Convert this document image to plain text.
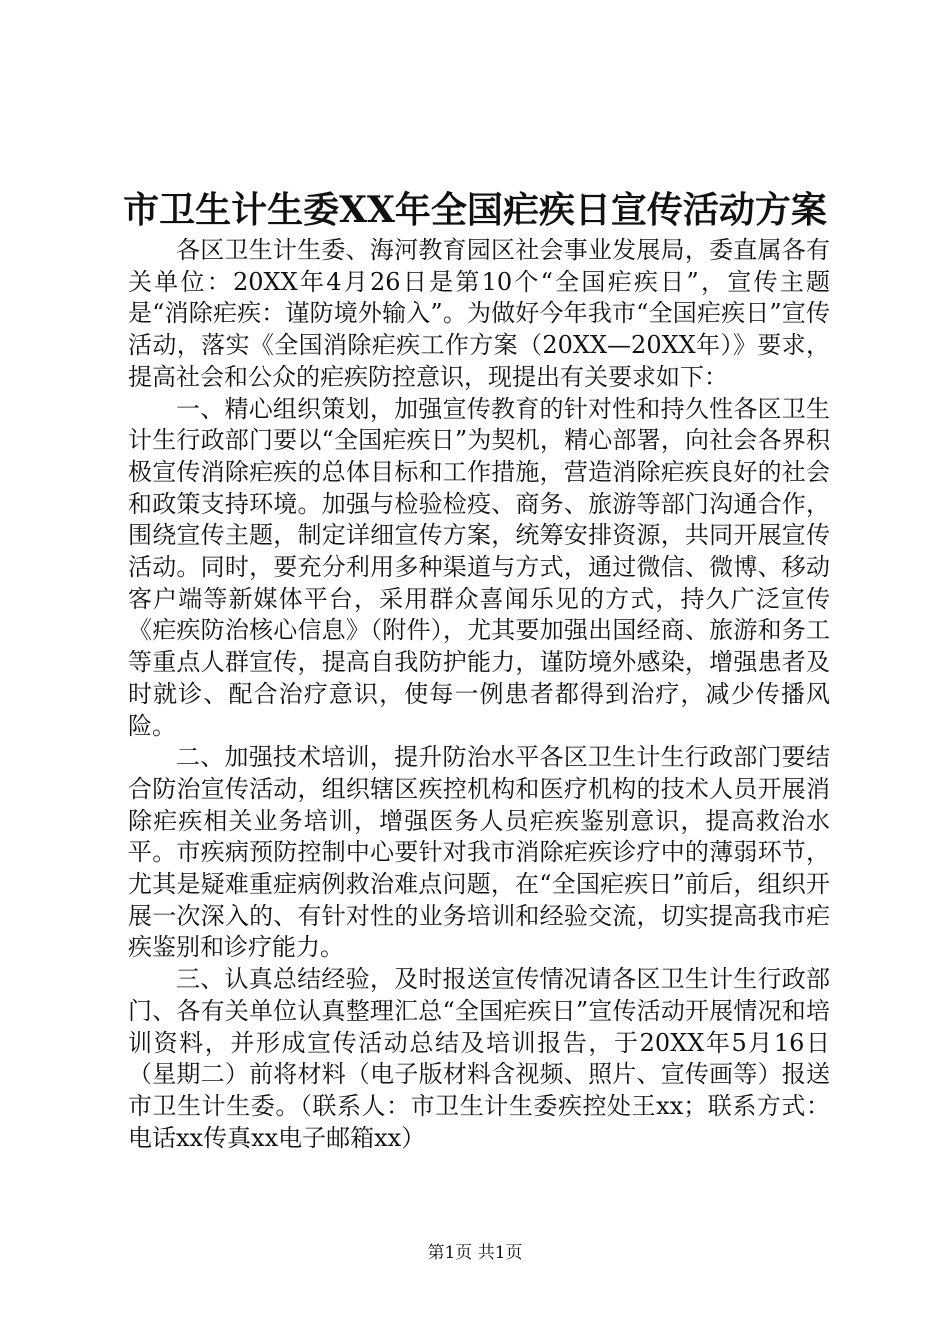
市卫生计生委XX年全国疟疾日宣传活动方案

各区卫生计生委、海河教育园区社会事业发展局，委直属各有关单位：20XX年4月26日是第10个“全国疟疾日”，宣传主题是“消除疟疾：谨防境外输入”。为做好今年我市“全国疟疾日”宣传活动，落实《全国消除疟疾工作方案（20XX—20XX年）》要求，提高社会和公众的疟疾防控意识，现提出有关要求如下：

一、精心组织策划，加强宣传教育的针对性和持久性各区卫生计生行政部门要以“全国疟疾日”为契机，精心部署，向社会各界积极宣传消除疟疾的总体目标和工作措施，营造消除疟疾良好的社会和政策支持环境。加强与检验检疫、商务、旅游等部门沟通合作，围绕宣传主题，制定详细宣传方案，统筹安排资源，共同开展宣传活动。同时，要充分利用多种渠道与方式，通过微信、微博、移动客户端等新媒体平台，采用群众喜闻乐见的方式，持久广泛宣传《疟疾防治核心信息》（附件），尤其要加强出国经商、旅游和务工等重点人群宣传，提高自我防护能力，谨防境外感染，增强患者及时就诊、配合治疗意识，使每一例患者都得到治疗，减少传播风险。

二、加强技术培训，提升防治水平各区卫生计生行政部门要结合防治宣传活动，组织辖区疾控机构和医疗机构的技术人员开展消除疟疾相关业务培训，增强医务人员疟疾鉴别意识，提高救治水平。市疾病预防控制中心要针对我市消除疟疾诊疗中的薄弱环节，尤其是疑难重症病例救治难点问题，在“全国疟疾日”前后，组织开展一次深入的、有针对性的业务培训和经验交流，切实提高我市疟疾鉴别和诊疗能力。

三、认真总结经验，及时报送宣传情况请各区卫生计生行政部门、各有关单位认真整理汇总“全国疟疾日”宣传活动开展情况和培训资料，并形成宣传活动总结及培训报告，于20XX年5月16日（星期二）前将材料（电子版材料含视频、照片、宣传画等）报送市卫生计生委。（联系人：市卫生计生委疾控处王xx；联系方式：电话xx传真xx电子邮箱xx）

第1页 共1页
